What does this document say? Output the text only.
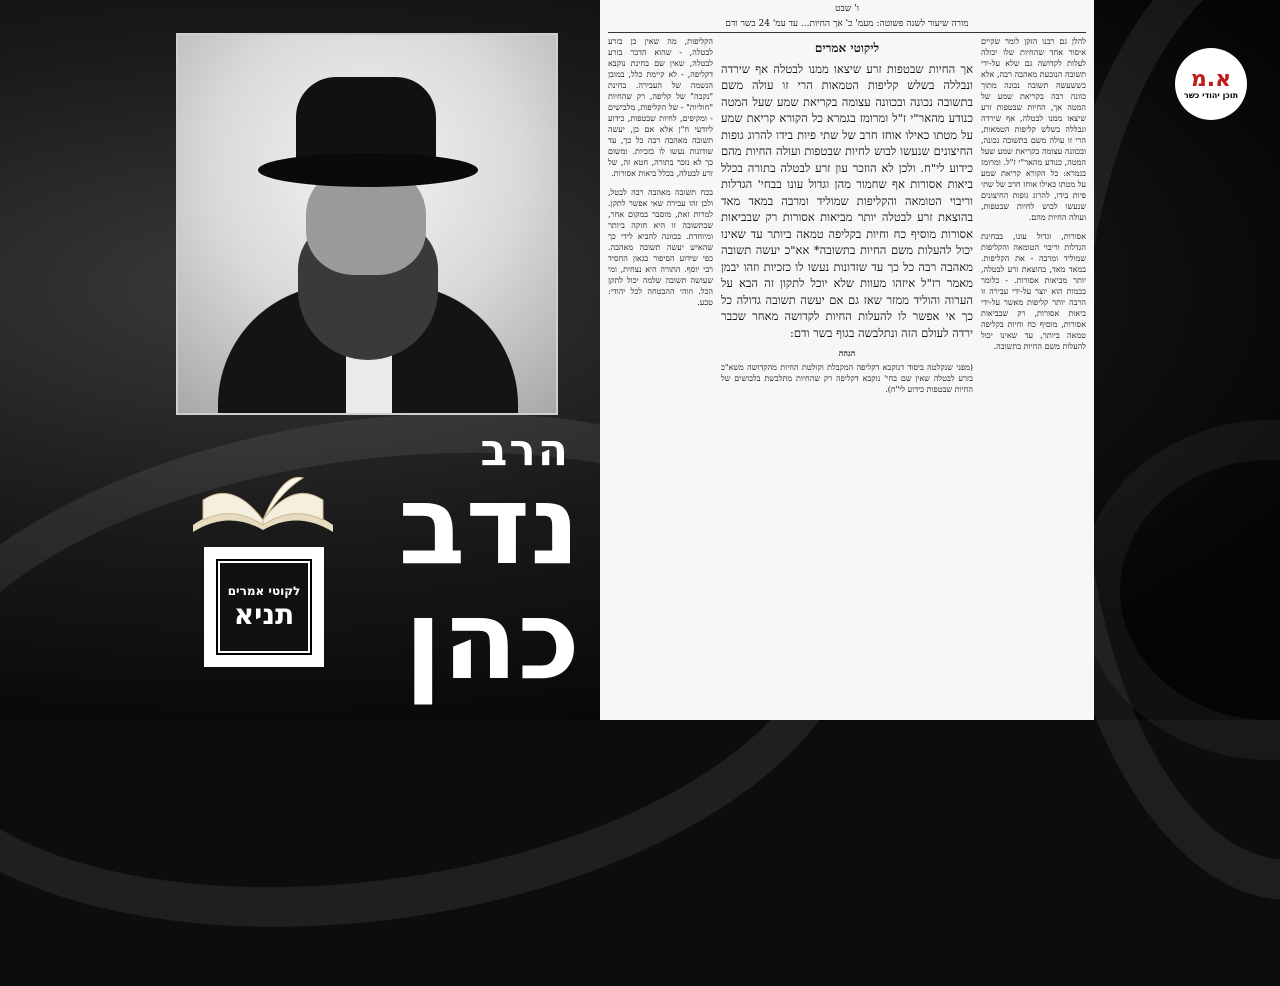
הרב
נדב
כהן
לקוטי אמרים
תניא
ו' שבט
מורה שיעור לשנה פשוטה: מעמ' כ' אך החיות... עד עמ' 24 בשר ודם
להלן גם רבנו הזקן לומר שקיים איסור אחד שהחיות שלו יכולה לעלות לקדושה גם שלא על-ידי תשובה הנובעת מאהבה רבה, אלא כששעשה תשובה נכונה מתוך כוונה רבה בקריאת שמע של המטה אך, החיות שבטפות זרע שיצאו ממנו לבטלה, אף שירדה ונבללה בשלש קליפות הטמאות, הרי זו עולה משם בתשובה נכונה, ובכוונה עצומה בקריאת שמע שעל המטה, כנודע מהאר"י ז"ל. ומרומז בגמרא: כל הקורא קריאת שמע על מטתו כאילו אוחז חרב של שתי פיות בידו, להרוג גופות החיצונים שנעשו לבוש לחיות שבטפות, ועולה החיות מהם.
אסורות, וגדול עונו, בבחינת הגדלות וריבוי הטומאה והקליפות שמוליד ומרבה - את הקליפות. במאד מאד, בהוצאת זרע לבטלה, יותר מביאות אסורות. - כלומר בכמות הוא יוצר על-ידי עבירה זו הרבה יותר קליפות מאשר על-ידי ביאות אסורות, רק שבביאות אסורות, מוסיף כח וחיות בקליפה טמאה ביותר, עד שאינו יכול להעלות משם החיות בתשובה.
ליקוטי אמרים
אך החיות שבטפות זרע שיצאו ממנו לבטלה אף שירדה ונבללה בשלש קליפות הטמאות הרי זו עולה משם בתשובה נכונה ובכוונה עצומה בקריאת שמע שעל המטה כנודע מהאר"י ז"ל ומרומז בגמרא כל הקורא קריאת שמע על מטתו כאילו אוחז חרב של שתי פיות בידו להרוג גופות החיצונים שנעשו לבוש לחיות שבטפות ועולה החיות מהם כידוע לי"ח. ולכן לא הוזכר עון זרע לבטלה בתורה בכלל ביאות אסורות אף שחמור מהן וגדול עונו בבחי' הגדלות וריבוי הטומאה והקליפות שמוליד ומרבה במאד מאד בהוצאת זרע לבטלה יותר מביאות אסורות רק שבביאות אסורות מוסיף כח וחיות בקליפה טמאה ביותר עד שאינו יכול להעלות משם החיות בתשובה* אא"כ יעשה תשובה מאהבה רבה כל כך עד שזדונות נעשו לו כזכיות וזהו יבמן מאמר רז"ל איזהו מעוות שלא יוכל לתקון זה הבא על הערוה והוליד ממזר שאז גם אם יעשה תשובה גדולה כל כך אי אפשר לו להעלות החיות לקדושה מאחר שכבר ירדה לעולם הזה ונתלבשה בגוף בשר ודם:
הגהה
(מפני שנקלטה ביסוד דנוקבא דקליפה המקבלת וקולטת החיות מהקדושה משא"כ בזרע לבטלה שאין שם בחי' נוקבא דקליפה רק שהחיות מתלבשת בלבושים של החיות שבטפות כידוע לי"ח).
הקליפות, מה שאין כן בזרע לבטלה, - שהוא הדבר בזרע לבטלה, שאין שם בחינת נוקבא דקליפה, - לא קיימת כלל, במובן הנשמה של העבירה. בחינת "נקבה" של קליפה, רק שהחיות "חוליות" - של הקליפות, מלבישים - ומקיפים, לחיות שבטפות, כידוע ליודעי ח"ן אלא אם כן, יעשה תשובה מאהבה רבה כל כך, עד שזדונות נעשו לו כזכיות. ומשום כך לא נזכר בתורה, חטא זה, של זרע לבטלה, בכלל ביאות אסורות.
בכח תשובה מאהבה רבה לבטל, ולכן זהו עבירה שאי אפשר לתקן. למרות זאת, מוסבר במקום אחר, שבתשובה זו היא חזקה ביותר ומיוחדת. בכוונה להביא לידי כך שהאיש יעשה תשובה מאהבה. כפי שידוע הסיפור בגאון החסיד רבי יוסף. התורה היא נצחית, ומי שעושה תשובה שלמה יכול לתקן הכל. וזוהי ההבטחה לכל יהודי: טבע.
א.מ
תוכן יהודי כשר
